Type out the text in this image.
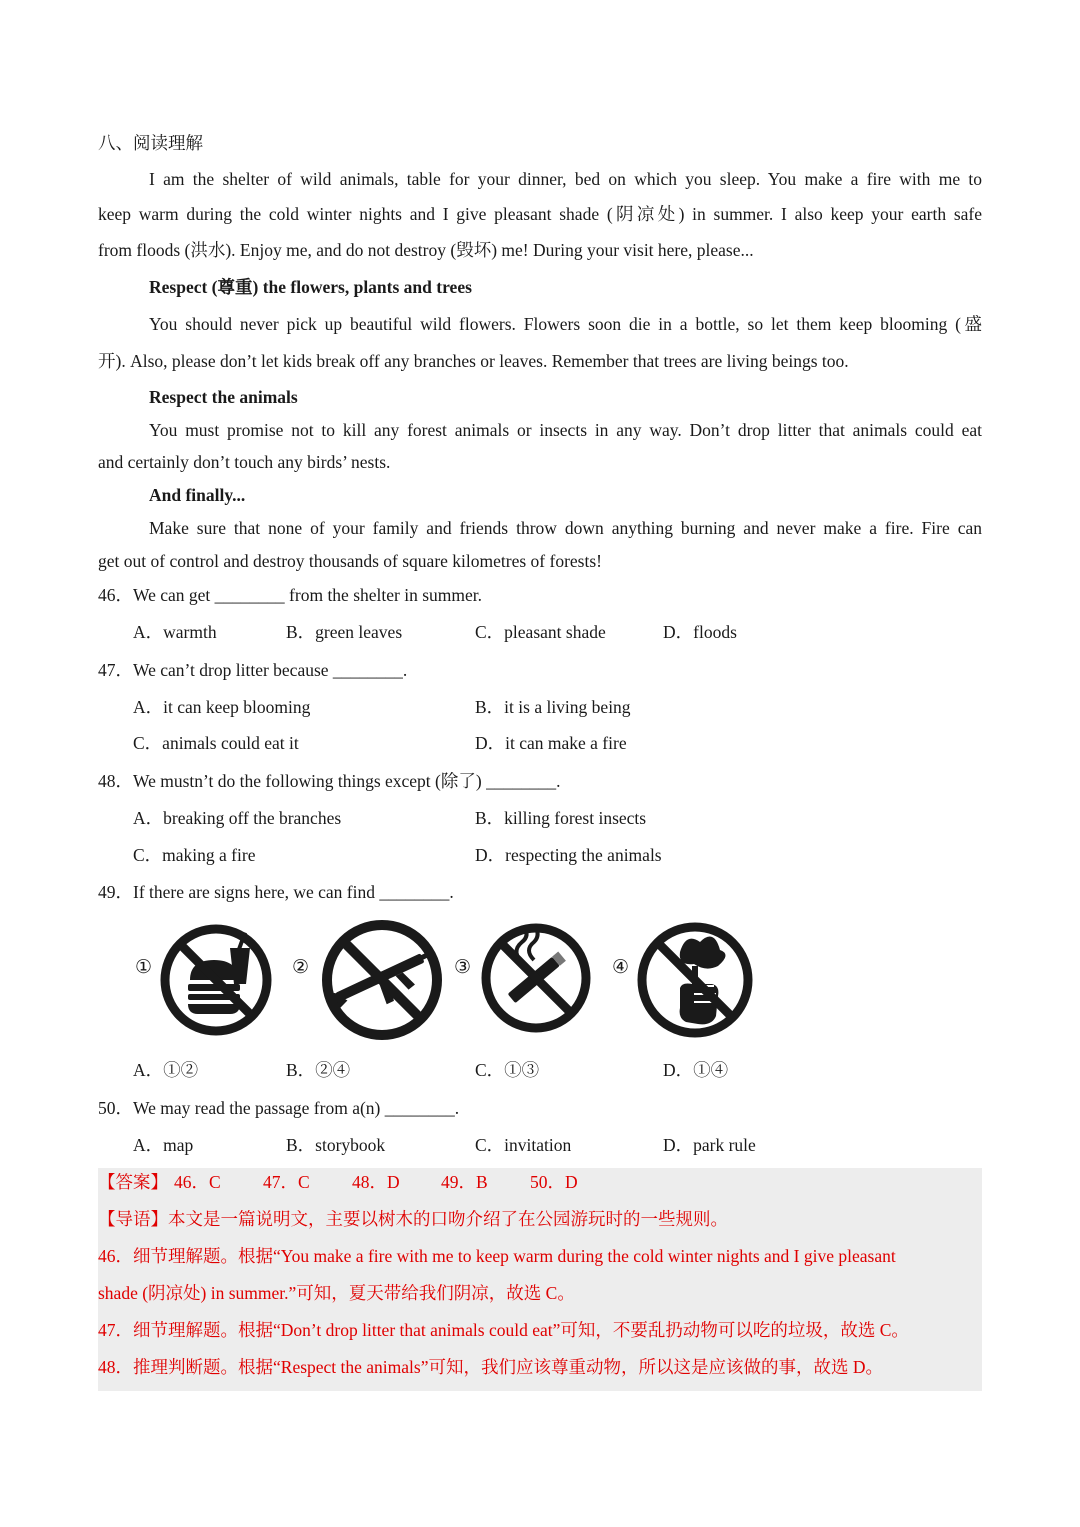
八、阅读理解
I am the shelter of wild animals, table for your dinner, bed on which you sleep. You make a fire with me to
keep warm during the cold winter nights and I give pleasant shade (阴凉处) in summer. I also keep your earth safe
from floods (洪水). Enjoy me, and do not destroy (毁坏) me! During your visit here, please...
Respect (尊重) the flowers, plants and trees
You should never pick up beautiful wild flowers. Flowers soon die in a bottle, so let them keep blooming (盛
开). Also, please don’t let kids break off any branches or leaves. Remember that trees are living beings too.
Respect the animals
You must promise not to kill any forest animals or insects in any way. Don’t drop litter that animals could eat
and certainly don’t touch any birds’ nests.
And finally...
Make sure that none of your family and friends throw down anything burning and never make a fire. Fire can
get out of control and destroy thousands of square kilometres of forests!
46．We can get ________ from the shelter in summer.
A．warmth	B．green leaves	C．pleasant shade	D．floods
47．We can’t drop litter because ________.
A．it can keep blooming	B．it is a living being
C．animals could eat it	D．it can make a fire
48．We mustn’t do the following things except (除了) ________.
A．breaking off the branches	B．killing forest insects
C．making a fire	D．respecting the animals
49．If there are signs here, we can find ________.
①	②	③	④
A．①②	B．②④	C．①③	D．①④
50．We may read the passage from a(n) ________.
A．map	B．storybook	C．invitation	D．park rule
【答案】 46．C 47．C 48．D 49．B 50．D
【导语】本文是一篇说明文，主要以树木的口吻介绍了在公园游玩时的一些规则。
46．细节理解题。根据“You make a fire with me to keep warm during the cold winter nights and I give pleasant
shade (阴凉处) in summer.”可知，夏天带给我们阴凉，故选 C。
47．细节理解题。根据“Don’t drop litter that animals could eat”可知，不要乱扔动物可以吃的垃圾，故选 C。
48．推理判断题。根据“Respect the animals”可知，我们应该尊重动物，所以这是应该做的事，故选 D。
